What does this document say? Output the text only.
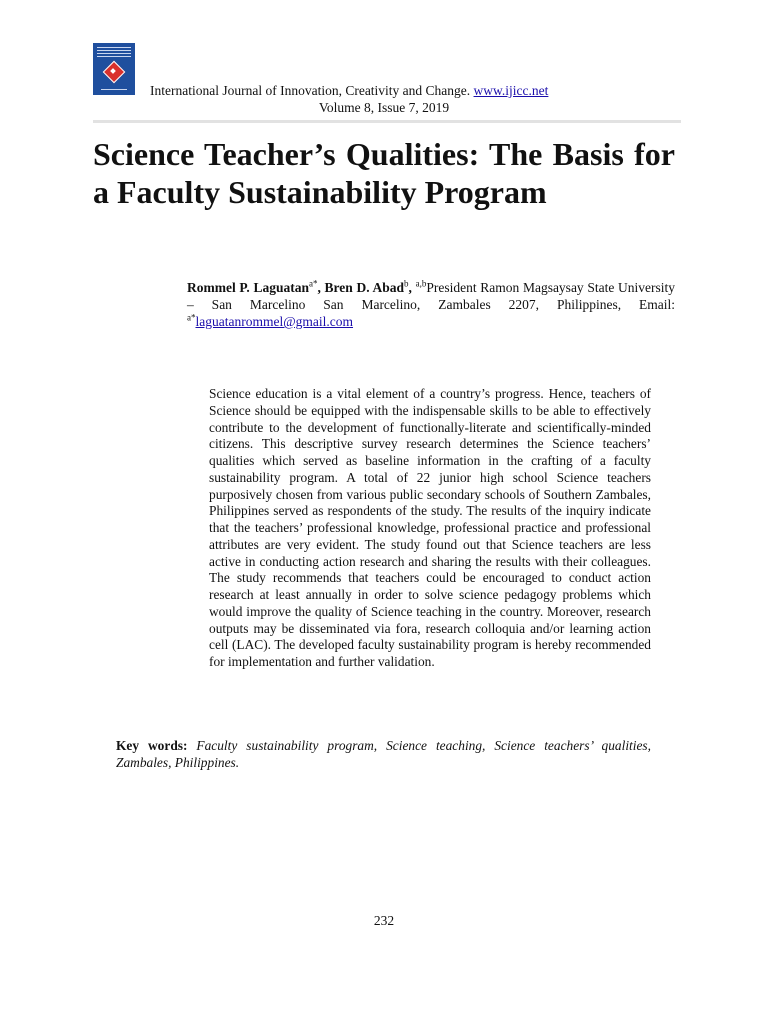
International Journal of Innovation, Creativity and Change. www.ijicc.net
Volume 8, Issue 7, 2019
Science Teacher’s Qualities: The Basis for a Faculty Sustainability Program
Rommel P. Laguatan$^{a*}$, Bren D. Abad$^b$, $^{a,b}$President Ramon Magsaysay State University – San Marcelino San Marcelino, Zambales 2207, Philippines, Email: $^{a*}$laguatanrommel@gmail.com

Science education is a vital element of a country’s progress. Hence, teachers of Science should be equipped with the indispensable skills to be able to effectively contribute to the development of functionally-literate and scientifically-minded citizens. This descriptive survey research determines the Science teachers’ qualities which served as baseline information in the crafting of a faculty sustainability program. A total of 22 junior high school Science teachers purposively chosen from various public secondary schools of Southern Zambales, Philippines served as respondents of the study. The results of the inquiry indicate that the teachers’ professional knowledge, professional practice and professional attributes are very evident. The study found out that Science teachers are less active in conducting action research and sharing the results with their colleagues. The study recommends that teachers could be encouraged to conduct action research at least annually in order to solve science pedagogy problems which would improve the quality of Science teaching in the country. Moreover, research outputs may be disseminated via fora, research colloquia and/or learning action cell (LAC). The developed faculty sustainability program is hereby recommended for implementation and further validation.

Key words: Faculty sustainability program, Science teaching, Science teachers’ qualities, Zambales, Philippines.
232
